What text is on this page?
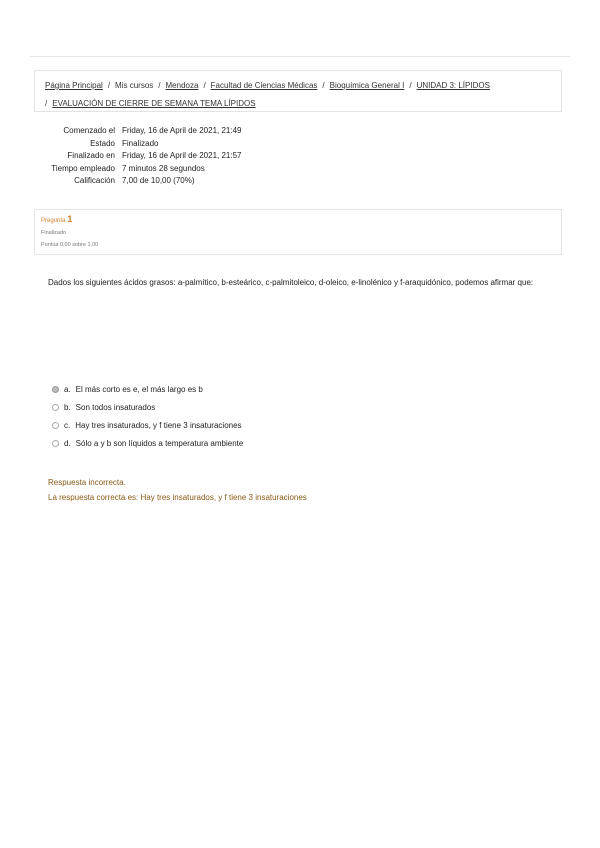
Página Principal / Mis cursos / Mendoza / Facultad de Ciencias Médicas / Bioquímica General I / UNIDAD 3: LÍPIDOS
/ EVALUACIÓN DE CIERRE DE SEMANA TEMA LÍPIDOS
Comenzado el	Friday, 16 de April de 2021, 21:49
Estado	Finalizado
Finalizado en	Friday, 16 de April de 2021, 21:57
Tiempo empleado	7 minutos 28 segundos
Calificación	7,00 de 10,00 (70%)
Pregunta 1
Finalizado
Puntúa 0,00 sobre 1,00
Dados los siguientes ácidos grasos: a-palmítico, b-esteárico, c-palmitoleico, d-oleico, e-linolénico y f-araquidónico, podemos afirmar que:
a. El más corto es e, el más largo es b
b. Son todos insaturados
c. Hay tres insaturados, y f tiene 3 insaturaciones
d. Sólo a y b son líquidos a temperatura ambiente
Respuesta incorrecta.
La respuesta correcta es: Hay tres insaturados, y f tiene 3 insaturaciones
